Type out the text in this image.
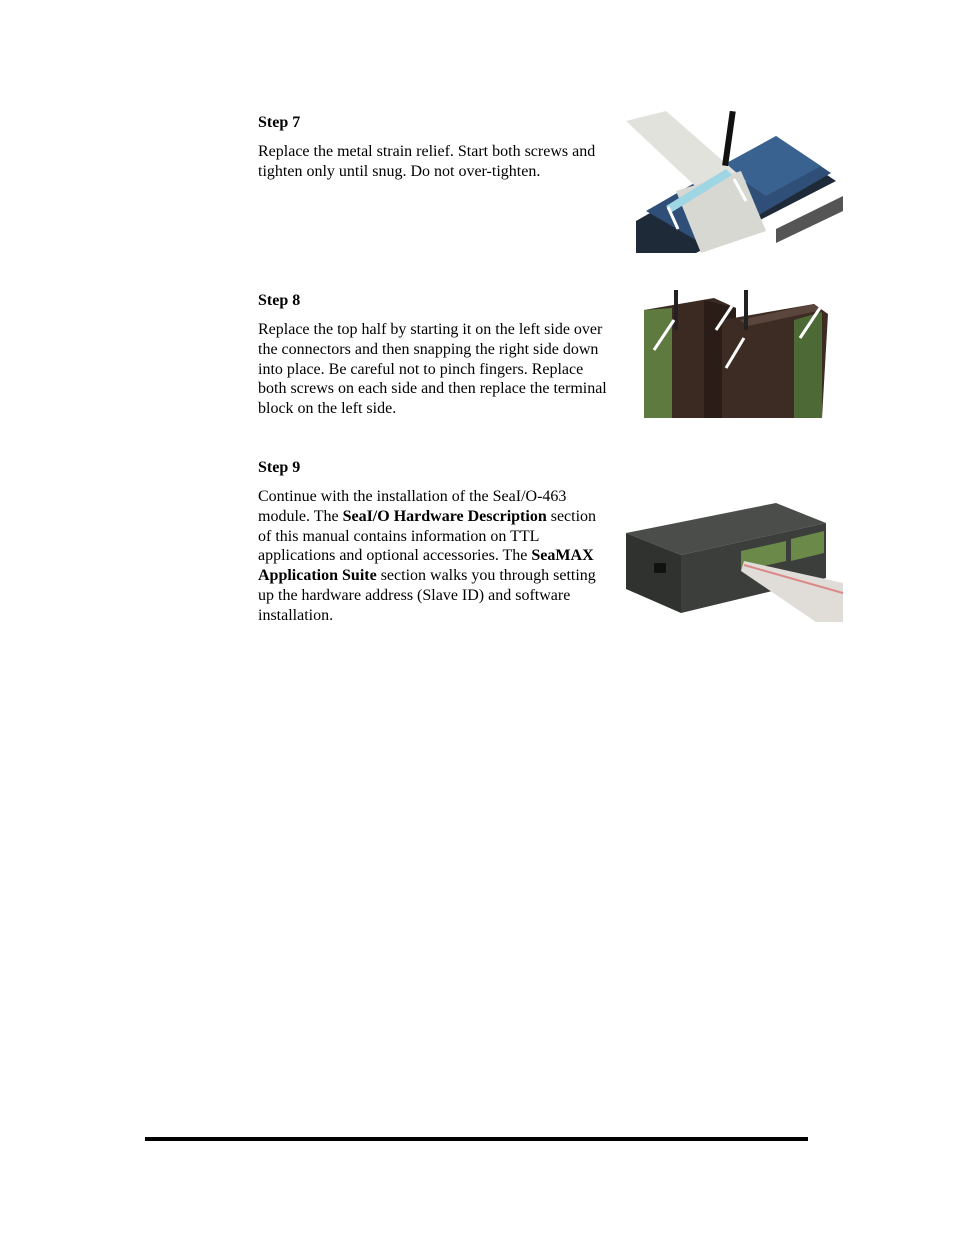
Step 7

Replace the metal strain relief. Start both screws and tighten only until snug. Do not over-tighten.

Step 8

Replace the top half by starting it on the left side over the connectors and then snapping the right side down into place. Be careful not to pinch fingers. Replace both screws on each side and then replace the terminal block on the left side.

Step 9

Continue with the installation of the SeaI/O-463 module. The SeaI/O Hardware Description section of this manual contains information on TTL applications and optional accessories. The SeaMAX Application Suite section walks you through setting up the hardware address (Slave ID) and software installation.
